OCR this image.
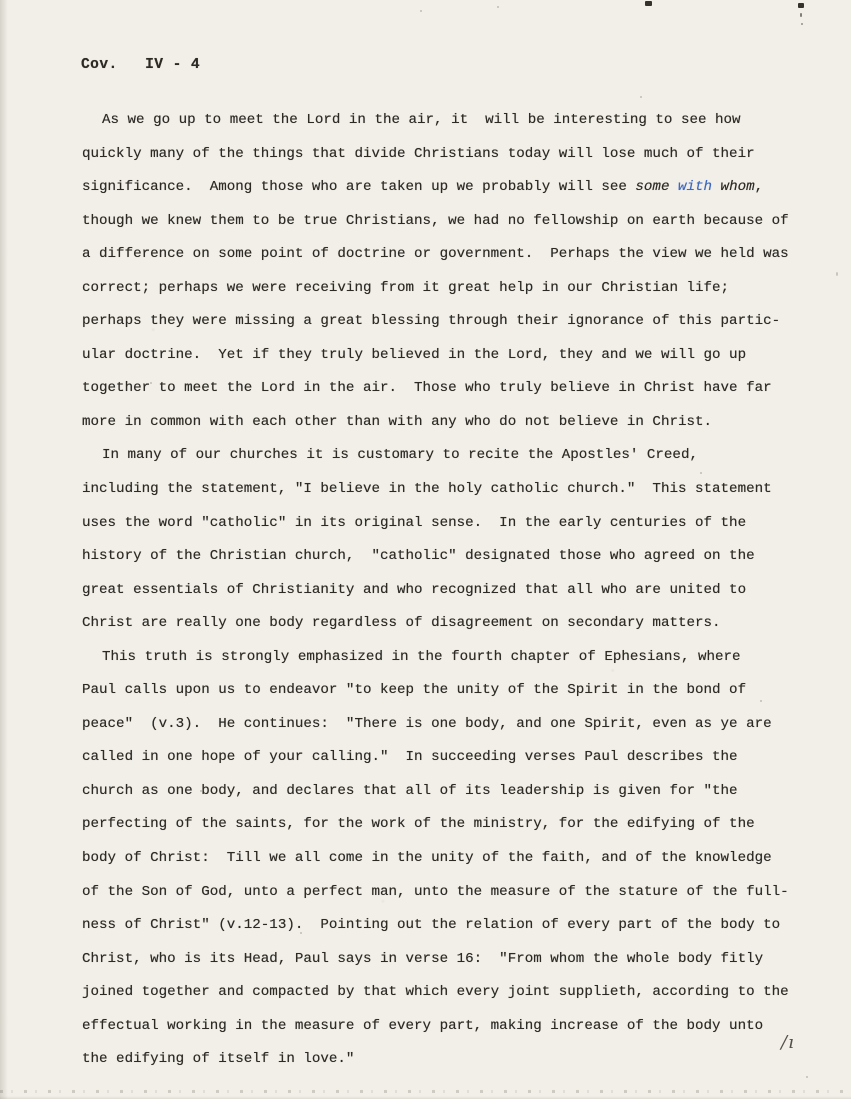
Cov.   IV - 4
As we go up to meet the Lord in the air, it  will be interesting to see how
quickly many of the things that divide Christians today will lose much of their
significance.  Among those who are taken up we probably will see some with whom,
though we knew them to be true Christians, we had no fellowship on earth because of
a difference on some point of doctrine or government.  Perhaps the view we held was
correct; perhaps we were receiving from it great help in our Christian life;
perhaps they were missing a great blessing through their ignorance of this partic-
ular doctrine.  Yet if they truly believed in the Lord, they and we will go up
together to meet the Lord in the air.  Those who truly believe in Christ have far
more in common with each other than with any who do not believe in Christ.
In many of our churches it is customary to recite the Apostles' Creed,
including the statement, "I believe in the holy catholic church."  This statement
uses the word "catholic" in its original sense.  In the early centuries of the
history of the Christian church,  "catholic" designated those who agreed on the
great essentials of Christianity and who recognized that all who are united to
Christ are really one body regardless of disagreement on secondary matters.
This truth is strongly emphasized in the fourth chapter of Ephesians, where
Paul calls upon us to endeavor "to keep the unity of the Spirit in the bond of
peace"  (v.3).  He continues:  "There is one body, and one Spirit, even as ye are
called in one hope of your calling."  In succeeding verses Paul describes the
church as one body, and declares that all of its leadership is given for "the
perfecting of the saints, for the work of the ministry, for the edifying of the
body of Christ:  Till we all come in the unity of the faith, and of the knowledge
of the Son of God, unto a perfect man, unto the measure of the stature of the full-
ness of Christ" (v.12-13).  Pointing out the relation of every part of the body to
Christ, who is its Head, Paul says in verse 16:  "From whom the whole body fitly
joined together and compacted by that which every joint supplieth, according to the
effectual working in the measure of every part, making increase of the body unto
the edifying of itself in love."
/ı
